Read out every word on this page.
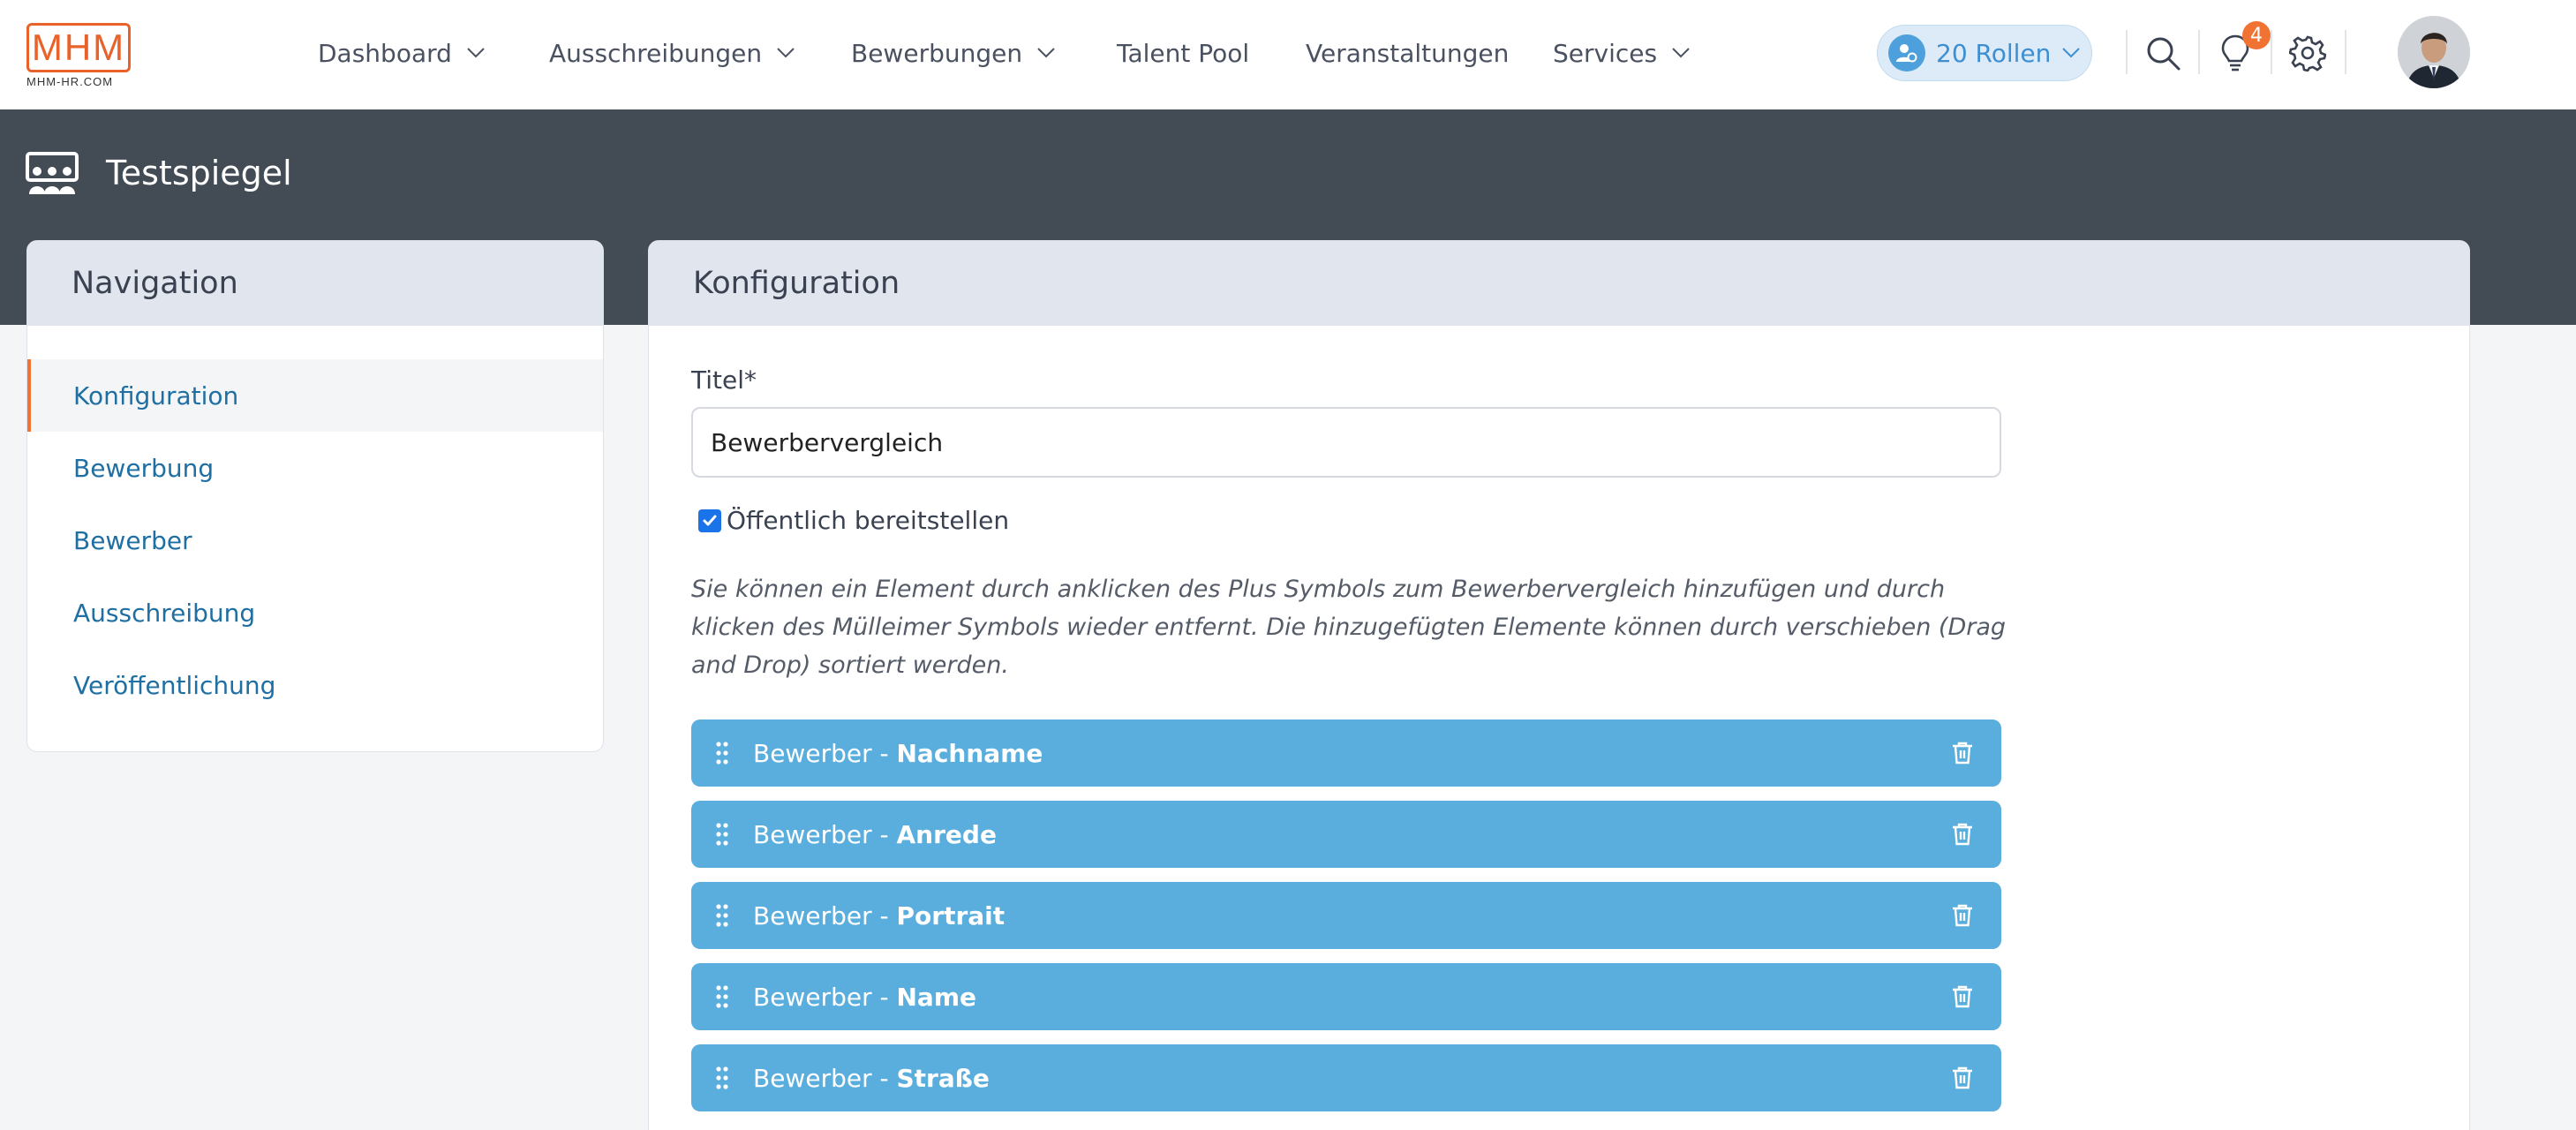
MHM
MHM-HR.COM
Dashboard	Ausschreibungen	Bewerbungen	Talent Pool Veranstaltungen Services	20 Rollen
4
Testspiegel
Navigation
Konfiguration
Bewerbung
Bewerber
Ausschreibung
Veröffentlichung
Konfiguration
Titel*
Bewerbervergleich
Öffentlich bereitstellen
Sie können ein Element durch anklicken des Plus Symbols zum Bewerbervergleich hinzufügen und durch klicken des Mülleimer Symbols wieder entfernt. Die hinzugefügten Elemente können durch verschieben (Drag and Drop) sortiert werden.
Bewerber - Nachname
Bewerber - Anrede
Bewerber - Portrait
Bewerber - Name
Bewerber - Straße
